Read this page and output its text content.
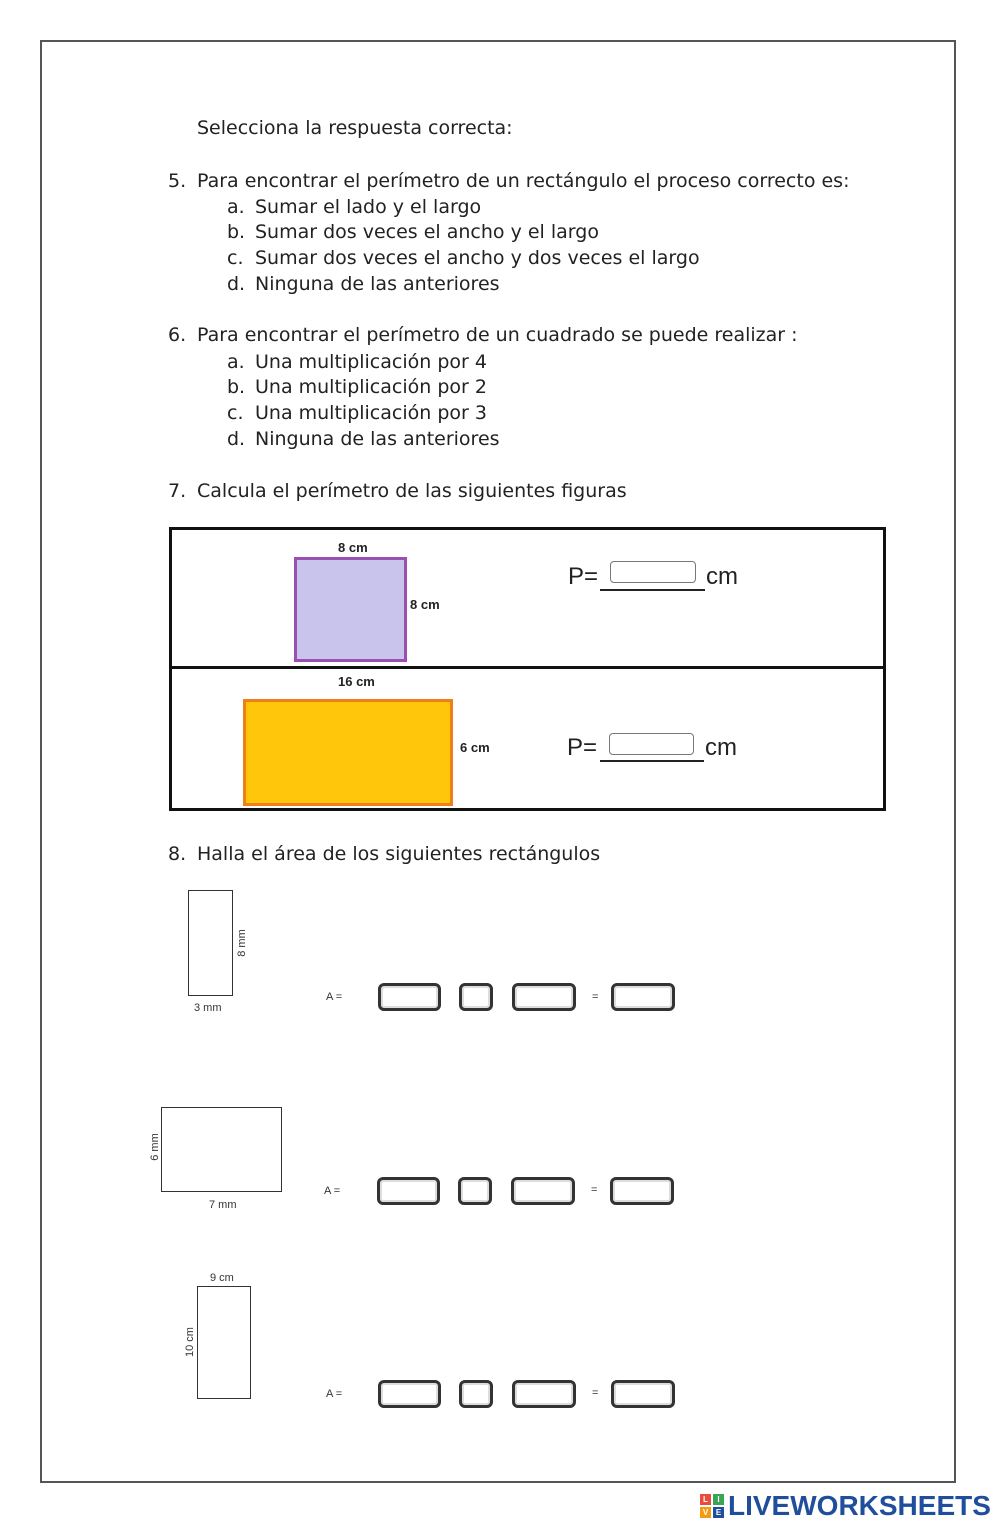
Selecciona la respuesta correcta:
5. Para encontrar el perímetro de un rectángulo el proceso correcto es:
a. Sumar el lado y el largo
b. Sumar dos veces el ancho y el largo
c. Sumar dos veces el ancho y dos veces el largo
d. Ninguna de las anteriores
6. Para encontrar el perímetro de un cuadrado se puede realizar :
a. Una multiplicación por 4
b. Una multiplicación por 2
c. Una multiplicación por 3
d. Ninguna de las anteriores
7. Calcula el perímetro de las siguientes figuras
8 cm
8 cm
P=	cm
16 cm
6 cm	P=	cm
8. Halla el área de los siguientes rectángulos
8 mm
3 mm
A =	=
6 mm
7 mm
A =	=
9 cm
10 cm
A =	=
L	I
V E LIVEWORKSHEETS
